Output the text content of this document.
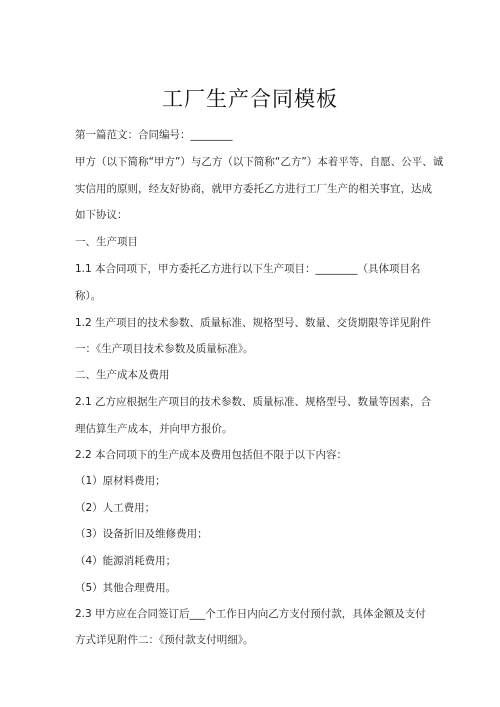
工厂生产合同模板
第一篇范文：合同编号：________
甲方（以下简称“甲方”）与乙方（以下简称“乙方”）本着平等、自愿、公平、诚
实信用的原则，经友好协商，就甲方委托乙方进行工厂生产的相关事宜，达成
如下协议：
一、生产项目
1.1 本合同项下，甲方委托乙方进行以下生产项目：________（具体项目名
称）。
1.2 生产项目的技术参数、质量标准、规格型号、数量、交货期限等详见附件
一：《生产项目技术参数及质量标准》。
二、生产成本及费用
2.1 乙方应根据生产项目的技术参数、质量标准、规格型号、数量等因素，合
理估算生产成本，并向甲方报价。
2.2 本合同项下的生产成本及费用包括但不限于以下内容：
（1）原材料费用；
（2）人工费用；
（3）设备折旧及维修费用；
（4）能源消耗费用；
（5）其他合理费用。
2.3 甲方应在合同签订后___个工作日内向乙方支付预付款，具体金额及支付
方式详见附件二：《预付款支付明细》。
